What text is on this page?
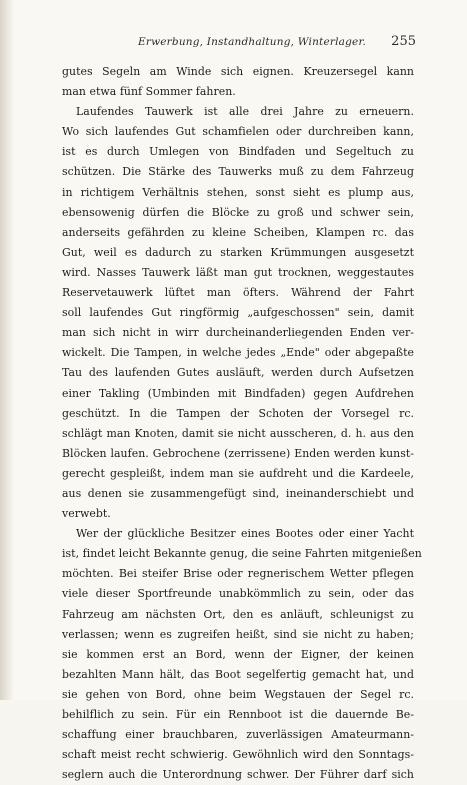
Erwerbung, Instandhaltung, Winterlager. 255
gutes Segeln am Winde sich eignen. Kreuzersegel kann
man etwa fünf Sommer fahren.
Laufendes Tauwerk ist alle drei Jahre zu erneuern.
Wo sich laufendes Gut schamfielen oder durchreiben kann,
ist es durch Umlegen von Bindfaden und Segeltuch zu
schützen. Die Stärke des Tauwerks muß zu dem Fahrzeug
in richtigem Verhältnis stehen, sonst sieht es plump aus,
ebensowenig dürfen die Blöcke zu groß und schwer sein,
anderseits gefährden zu kleine Scheiben, Klampen rc. das
Gut, weil es dadurch zu starken Krümmungen ausgesetzt
wird. Nasses Tauwerk läßt man gut trocknen, weggestautes
Reservetauwerk lüftet man öfters. Während der Fahrt
soll laufendes Gut ringförmig „aufgeschossen" sein, damit
man sich nicht in wirr durcheinanderliegenden Enden ver-
wickelt. Die Tampen, in welche jedes „Ende" oder abgepaßte
Tau des laufenden Gutes ausläuft, werden durch Aufsetzen
einer Takling (Umbinden mit Bindfaden) gegen Aufdrehen
geschützt. In die Tampen der Schoten der Vorsegel rc.
schlägt man Knoten, damit sie nicht ausscheren, d. h. aus den
Blöcken laufen. Gebrochene (zerrissene) Enden werden kunst-
gerecht gespleißt, indem man sie aufdreht und die Kardeele,
aus denen sie zusammengefügt sind, ineinanderschiebt und
verwebt.
Wer der glückliche Besitzer eines Bootes oder einer Yacht
ist, findet leicht Bekannte genug, die seine Fahrten mitgenießen
möchten. Bei steifer Brise oder regnerischem Wetter pflegen
viele dieser Sportfreunde unabkömmlich zu sein, oder das
Fahrzeug am nächsten Ort, den es anläuft, schleunigst zu
verlassen; wenn es zugreifen heißt, sind sie nicht zu haben;
sie kommen erst an Bord, wenn der Eigner, der keinen
bezahlten Mann hält, das Boot segelfertig gemacht hat, und
sie gehen von Bord, ohne beim Wegstauen der Segel rc.
behilflich zu sein. Für ein Rennboot ist die dauernde Be-
schaffung einer brauchbaren, zuverlässigen Amateurmann-
schaft meist recht schwierig. Gewöhnlich wird den Sonntags-
seglern auch die Unterordnung schwer. Der Führer darf sich
